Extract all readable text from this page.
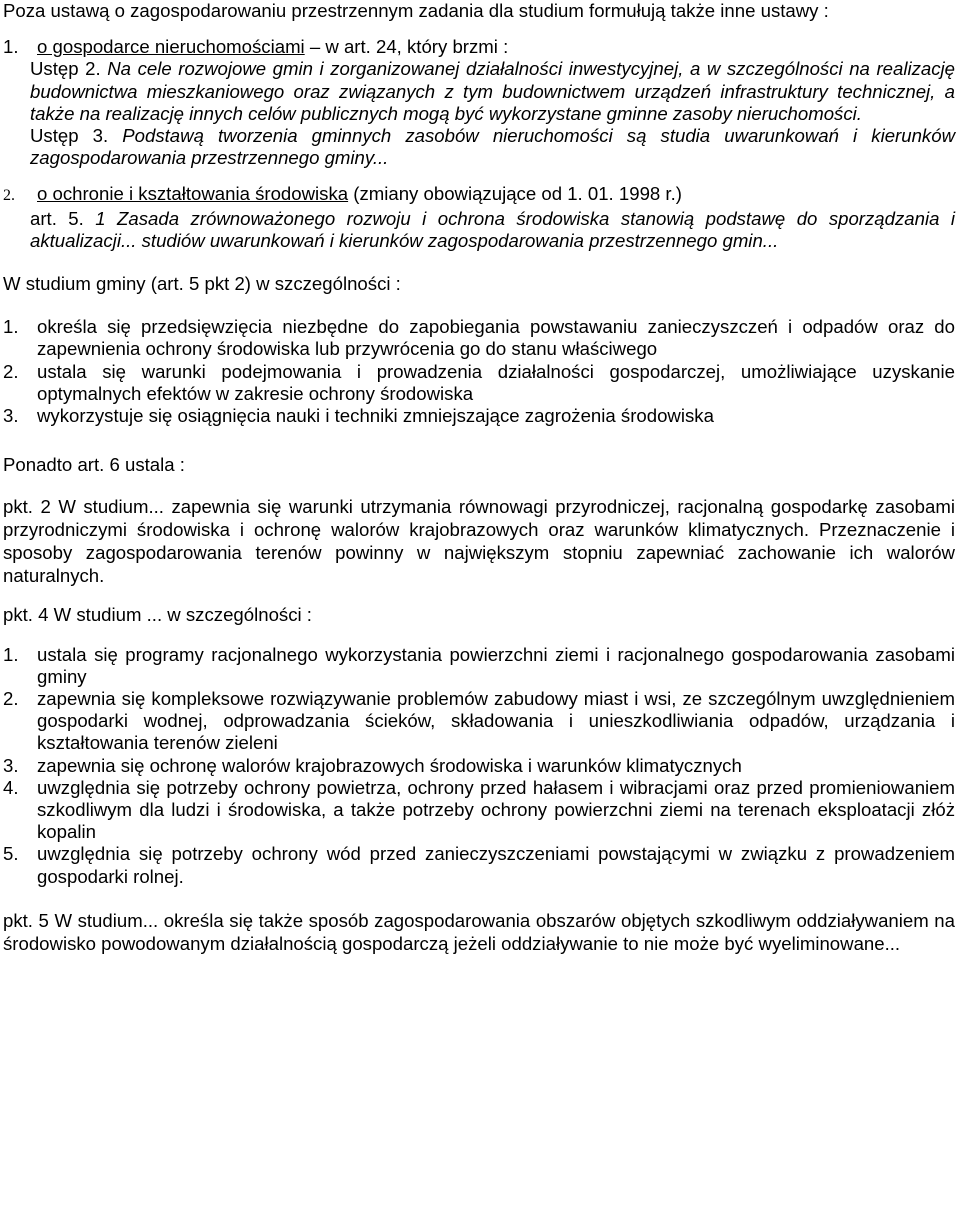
Poza ustawą o zagospodarowaniu przestrzennym zadania dla studium formułują także inne ustawy :

1. o gospodarce nieruchomościami – w art. 24, który brzmi :

Ustęp 2. Na cele rozwojowe gmin i zorganizowanej działalności inwestycyjnej, a w szczególności na realizację budownictwa mieszkaniowego oraz związanych z tym budownictwem urządzeń infrastruktury technicznej, a także na realizację innych celów publicznych mogą być wykorzystane gminne zasoby nieruchomości.

Ustęp 3. Podstawą tworzenia gminnych zasobów nieruchomości są studia uwarunkowań i kierunków zagospodarowania przestrzennego gminy...

2. o ochronie i kształtowania środowiska (zmiany obowiązujące od 1. 01. 1998 r.)

art. 5. 1 Zasada zrównoważonego rozwoju i ochrona środowiska stanowią podstawę do sporządzania i aktualizacji... studiów uwarunkowań i kierunków zagospodarowania przestrzennego gmin...

W studium gminy (art. 5 pkt 2) w szczególności :

1. określa się przedsięwzięcia niezbędne do zapobiegania powstawaniu zanieczyszczeń i odpadów oraz do zapewnienia ochrony środowiska lub przywrócenia go do stanu właściwego
2. ustala się warunki podejmowania i prowadzenia działalności gospodarczej, umożliwiające uzyskanie optymalnych efektów w zakresie ochrony środowiska
3. wykorzystuje się osiągnięcia nauki i techniki zmniejszające zagrożenia środowiska

Ponadto art. 6 ustala :

pkt. 2 W studium... zapewnia się warunki utrzymania równowagi przyrodniczej, racjonalną gospodarkę zasobami przyrodniczymi środowiska i ochronę walorów krajobrazowych oraz warunków klimatycznych. Przeznaczenie i sposoby zagospodarowania terenów powinny w największym stopniu zapewniać zachowanie ich walorów naturalnych.

pkt. 4 W studium ... w szczególności :

1. ustala się programy racjonalnego wykorzystania powierzchni ziemi i racjonalnego gospodarowania zasobami gminy
2. zapewnia się kompleksowe rozwiązywanie problemów zabudowy miast i wsi, ze szczególnym uwzględnieniem gospodarki wodnej, odprowadzania ścieków, składowania i unieszkodliwiania odpadów, urządzania i kształtowania terenów zieleni
3. zapewnia się ochronę walorów krajobrazowych środowiska i warunków klimatycznych
4. uwzględnia się potrzeby ochrony powietrza, ochrony przed hałasem i wibracjami oraz przed promieniowaniem szkodliwym dla ludzi i środowiska, a także potrzeby ochrony powierzchni ziemi na terenach eksploatacji złóż kopalin
5. uwzględnia się potrzeby ochrony wód przed zanieczyszczeniami powstającymi w związku z prowadzeniem gospodarki rolnej.

pkt. 5 W studium... określa się także sposób zagospodarowania obszarów objętych szkodliwym oddziaływaniem na środowisko powodowanym działalnością gospodarczą jeżeli oddziaływanie to nie może być wyeliminowane...
